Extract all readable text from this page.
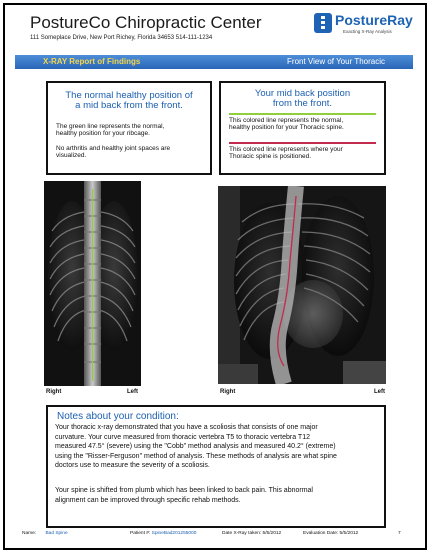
PostureCo Chiropractic Center
111 Someplace Drive, New Port Richey, Florida 34653 514-111-1234
PostureRay
Exacting X-Ray Analysis
X-RAY Report of Findings	Front View of Your Thoracic
The normal healthy position of
a mid back from the front.
The green line represents the normal,
healthy position for your ribcage.
No arthritis and healthy joint spaces are
visualized.
Your mid back position
from the front.
This colored line represents the normal,
healthy position for your Thoracic spine.
This colored line represents where your
Thoracic spine is positioned.
Right	Left	Right	Left
Notes about your condition:
Your thoracic x-ray demonstrated that you have a scoliosis that consists of one major
curvature. Your curve measured from thoracic vertebra T5 to thoracic vertebra T12
measured 47.5° (severe) using the "Cobb" method analysis and measured 40.2° (extreme)
using the "Risser-Ferguson" method of analysis. These methods of analysis are what spine
doctors use to measure the severity of a scoliosis.
Your spine is shifted from plumb which has been linked to back pain. This abnormal
alignment can be improved through specific rehab methods.
Name: Bad Spine	Patient #: SpineBad201255000	Date X-Ray taken: 5/5/2012	Evaluation Date: 5/5/2012	7
